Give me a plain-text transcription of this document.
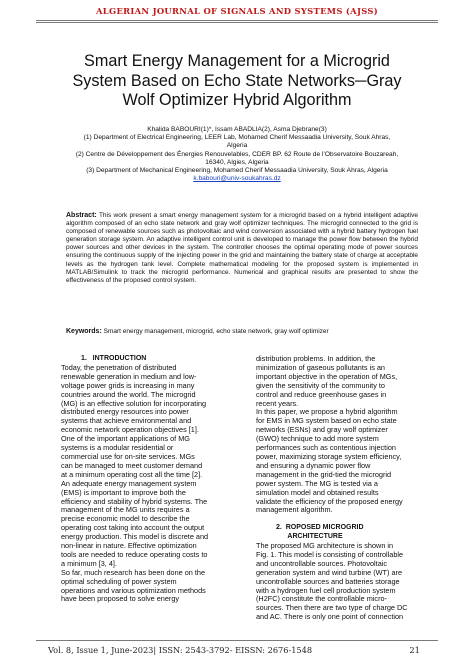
ALGERIAN JOURNAL OF SIGNALS AND SYSTEMS (AJSS)
Smart Energy Management for a Microgrid
System Based on Echo State Networks─Gray
Wolf Optimizer Hybrid Algorithm
Khalida BABOURI(1)*, Issam ABADLIA(2), Asma Djebrane(3)
(1) Department of Electrical Engineering, LEER Lab, Mohamed Cherif Messaadia University, Souk Ahras,
Algeria
(2) Centre de Développement des Énergies Renouvelables, CDER BP. 62 Route de l’Observatoire Bouzareah,
16340, Algies, Algeria
(3) Department of Mechanical Engineering, Mohamed Cherif Messaadia University, Souk Ahras, Algeria
k.babouri@univ-soukahras.dz
Abstract: This work present a smart energy management system for a microgrid based on a hybrid intelligent adaptive algorithm composed of an echo state network and gray wolf optimizer techniques. The microgrid connected to the grid is composed of renewable sources such as photovoltaic and wind conversion associated with a hybrid battery hydrogen fuel generation storage system. An adaptive intelligent control unit is developed to manage the power flow between the hybrid power sources and other devices in the system. The controller chooses the optimal operating mode of power sources ensuring the continuous supply of the injecting power in the grid and maintaining the battery state of charge at acceptable levels as the hydrogen tank level. Complete mathematical modeling for the proposed system is implemented in MATLAB/Simulink to track the microgrid performance. Numerical and graphical results are presented to show the effectiveness of the proposed control system.
Keywords: Smart energy management, microgrid, echo state network, gray wolf optimizer
1.   INTRODUCTION
Today, the penetration of distributed
renewable generation in medium and low-
voltage power grids is increasing in many
countries around the world. The microgrid
(MG) is an effective solution for incorporating
distributed energy resources into power
systems that achieve environmental and
economic network operation objectives [1].
One of the important applications of MG
systems is a modular residential or
commercial use for on-site services. MGs
can be managed to meet customer demand
at a minimum operating cost all the time [2].
An adequate energy management system
(EMS) is important to improve both the
efficiency and stability of hybrid systems. The
management of the MG units requires a
precise economic model to describe the
operating cost taking into account the output
energy production. This model is discrete and
non-linear in nature. Effective optimization
tools are needed to reduce operating costs to
a minimum [3, 4].
So far, much research has been done on the
optimal scheduling of power system
operations and various optimization methods
have been proposed to solve energy
distribution problems. In addition, the
minimization of gaseous pollutants is an
important objective in the operation of MGs,
given the sensitivity of the community to
control and reduce greenhouse gases in
recent years.
In this paper, we propose a hybrid algorithm
for EMS in MG system based on echo state
networks (ESNs) and gray wolf optimizer
(GWO) technique to add more system
performances such as contentious injection
power, maximizing storage system efficiency,
and ensuring a dynamic power flow
management in the grid-tied the microgrid
power system. The MG is tested via a
simulation model and obtained results
validate the efficiency of the proposed energy
management algorithm.

2.  ROPOSED MICROGRID
ARCHITECTURE
The proposed MG architecture is shown in
Fig. 1. This model is consisting of controllable
and uncontrollable sources. Photovoltaic
generation system and wind turbine (WT) are
uncontrollable sources and batteries storage
with a hydrogen fuel cell production system
(H2FC) constitute the controllable micro-
sources. Then there are two type of charge DC
and AC. There is only one point of connection
Vol. 8, Issue 1, June-2023| ISSN: 2543-3792- EISSN: 2676-1548	21
